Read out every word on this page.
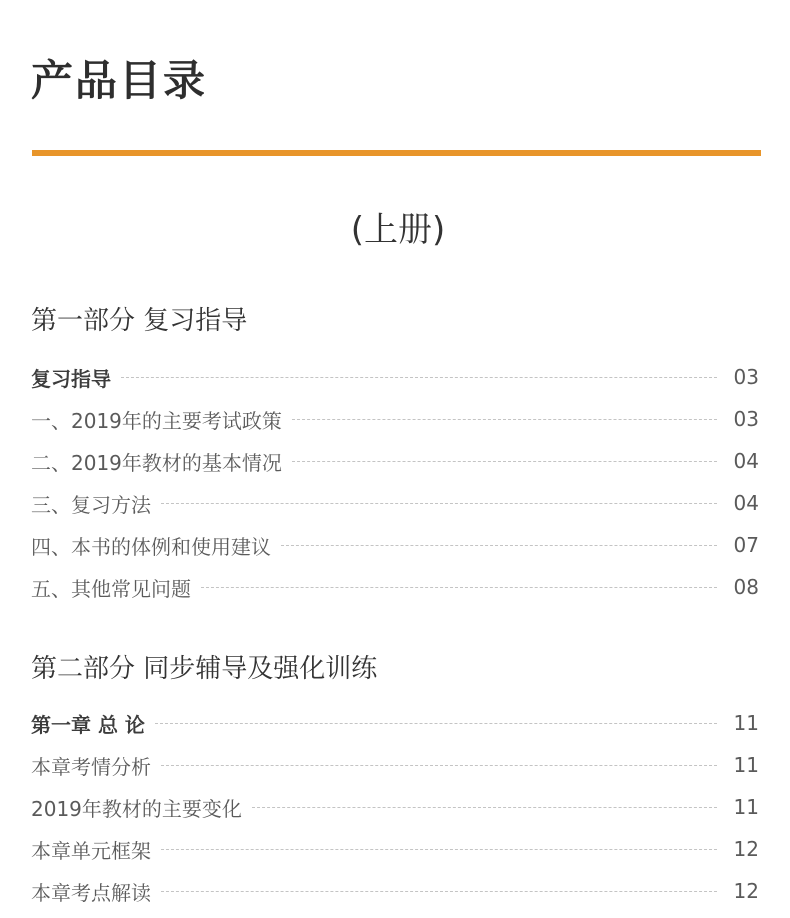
产品目录
(上册)
第一部分 复习指导
复习指导	03
一、2019年的主要考试政策	03
二、2019年教材的基本情况	04
三、复习方法	04
四、本书的体例和使用建议	07
五、其他常见问题	08
第二部分 同步辅导及强化训练
第一章 总 论	11
本章考情分析	11
2019年教材的主要变化	11
本章单元框架	12
本章考点解读	12
